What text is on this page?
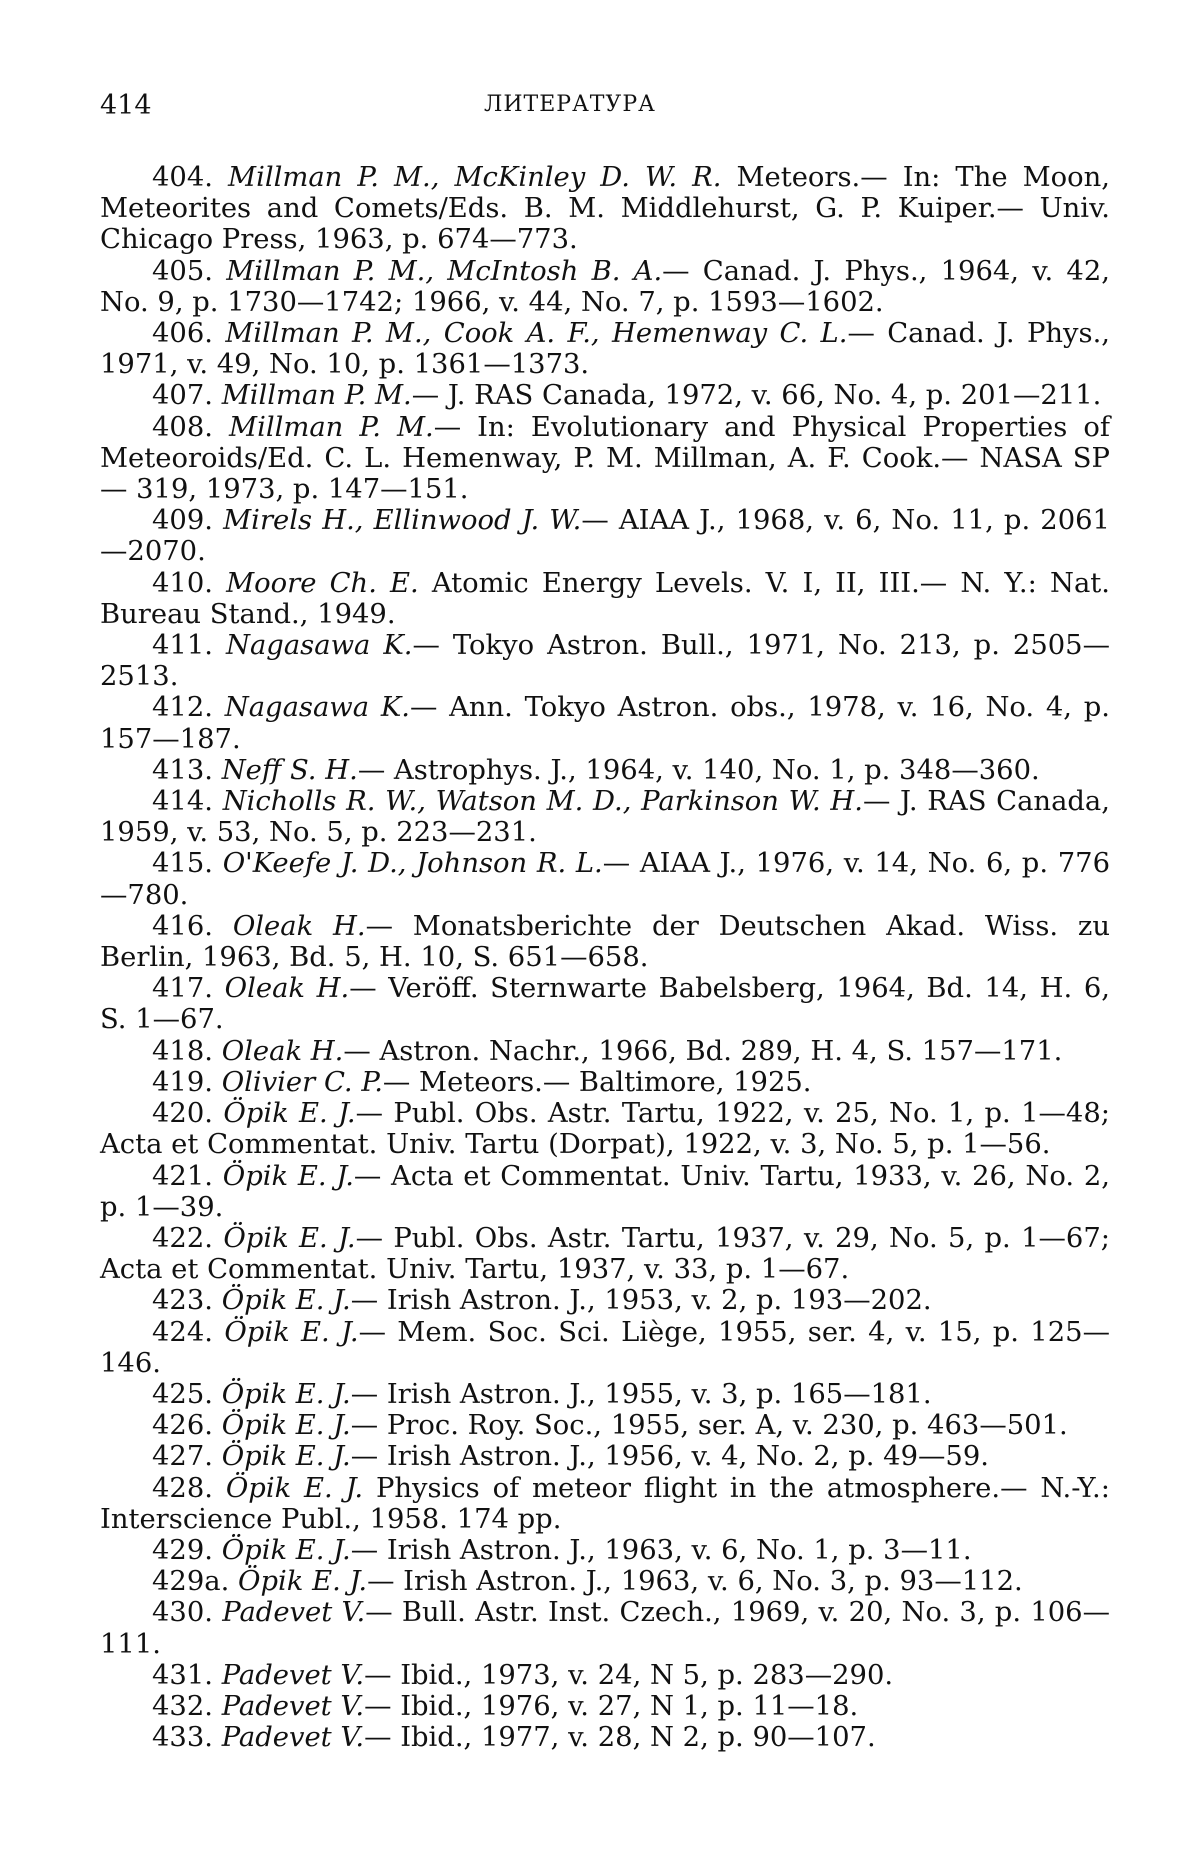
414	ЛИТЕРАТУРА

404. Millman P. M., McKinley D. W. R. Meteors.— In: The Moon, Meteorites and Comets/Eds. B. M. Middlehurst, G. P. Kuiper.— Univ. Chicago Press, 1963, p. 674—773.

405. Millman P. M., McIntosh B. A.— Canad. J. Phys., 1964, v. 42, No. 9, p. 1730—1742; 1966, v. 44, No. 7, p. 1593—1602.

406. Millman P. M., Cook A. F., Hemenway C. L.— Canad. J. Phys., 1971, v. 49, No. 10, p. 1361—1373.

407. Millman P. M.— J. RAS Canada, 1972, v. 66, No. 4, p. 201—211.

408. Millman P. M.— In: Evolutionary and Physical Properties of Meteoroids/Ed. C. L. Hemenway, P. M. Millman, A. F. Cook.— NASA SP — 319, 1973, p. 147—151.

409. Mirels H., Ellinwood J. W.— AIAA J., 1968, v. 6, No. 11, p. 2061—2070.

410. Moore Ch. E. Atomic Energy Levels. V. I, II, III.— N. Y.: Nat. Bureau Stand., 1949.

411. Nagasawa K.— Tokyo Astron. Bull., 1971, No. 213, p. 2505—2513.

412. Nagasawa K.— Ann. Tokyo Astron. obs., 1978, v. 16, No. 4, p. 157—187.

413. Neff S. H.— Astrophys. J., 1964, v. 140, No. 1, p. 348—360.

414. Nicholls R. W., Watson M. D., Parkinson W. H.— J. RAS Canada, 1959, v. 53, No. 5, p. 223—231.

415. O'Keefe J. D., Johnson R. L.— AIAA J., 1976, v. 14, No. 6, p. 776—780.

416. Oleak H.— Monatsberichte der Deutschen Akad. Wiss. zu Berlin, 1963, Bd. 5, H. 10, S. 651—658.

417. Oleak H.— Veröff. Sternwarte Babelsberg, 1964, Bd. 14, H. 6, S. 1—67.

418. Oleak H.— Astron. Nachr., 1966, Bd. 289, H. 4, S. 157—171.

419. Olivier C. P.— Meteors.— Baltimore, 1925.

420. Öpik E. J.— Publ. Obs. Astr. Tartu, 1922, v. 25, No. 1, p. 1—48; Acta et Commentat. Univ. Tartu (Dorpat), 1922, v. 3, No. 5, p. 1—56.

421. Öpik E. J.— Acta et Commentat. Univ. Tartu, 1933, v. 26, No. 2, p. 1—39.

422. Öpik E. J.— Publ. Obs. Astr. Tartu, 1937, v. 29, No. 5, p. 1—67; Acta et Commentat. Univ. Tartu, 1937, v. 33, p. 1—67.

423. Öpik E. J.— Irish Astron. J., 1953, v. 2, p. 193—202.

424. Öpik E. J.— Mem. Soc. Sci. Liège, 1955, ser. 4, v. 15, p. 125—146.

425. Öpik E. J.— Irish Astron. J., 1955, v. 3, p. 165—181.

426. Öpik E. J.— Proc. Roy. Soc., 1955, ser. A, v. 230, p. 463—501.

427. Öpik E. J.— Irish Astron. J., 1956, v. 4, No. 2, p. 49—59.

428. Öpik E. J. Physics of meteor flight in the atmosphere.— N.-Y.: Interscience Publ., 1958. 174 pp.

429. Öpik E. J.— Irish Astron. J., 1963, v. 6, No. 1, p. 3—11.

429a. Öpik E. J.— Irish Astron. J., 1963, v. 6, No. 3, p. 93—112.

430. Padevet V.— Bull. Astr. Inst. Czech., 1969, v. 20, No. 3, p. 106—111.

431. Padevet V.— Ibid., 1973, v. 24, N 5, p. 283—290.

432. Padevet V.— Ibid., 1976, v. 27, N 1, p. 11—18.

433. Padevet V.— Ibid., 1977, v. 28, N 2, p. 90—107.
